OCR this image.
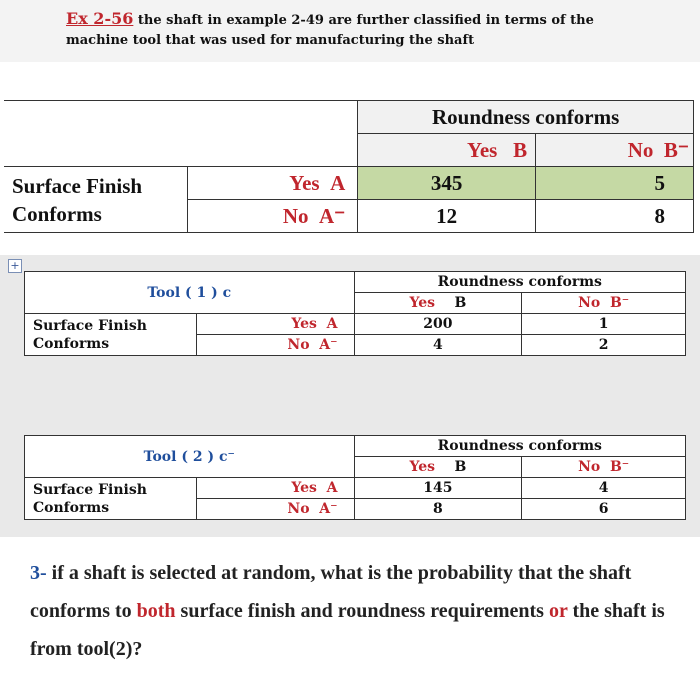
Ex 2-56 the shaft in example 2-49 are further classified in terms of the
machine tool that was used for manufacturing the shaft
		Roundness conforms	
		Yes B	No B⁻
Surface Finish Conforms	Yes A	345	5
	No A⁻	12	8
+
Tool ( 1 ) c		Roundness conforms	
		Yes B	No B⁻
Surface Finish Conforms	Yes A	200	1
	No A⁻	4	2
Tool ( 2 ) c⁻		Roundness conforms	
		Yes B	No B⁻
Surface Finish Conforms	Yes A	145	4
	No A⁻	8	6
3- if a shaft is selected at random, what is the probability that the shaft conforms to both surface finish and roundness requirements or the shaft is from tool(2)?
